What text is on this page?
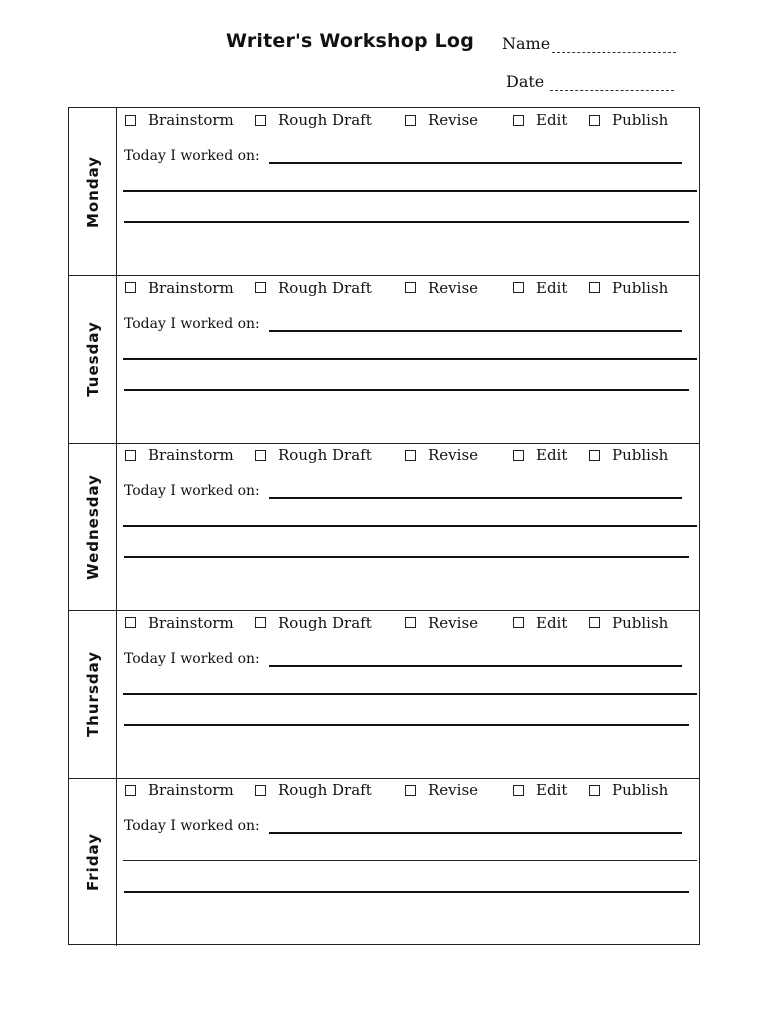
Writer's Workshop Log Name
Date
Monday
Brainstorm	Rough Draft	Revise	Edit	Publish
Today I worked on:
Tuesday
Brainstorm	Rough Draft	Revise	Edit	Publish
Today I worked on:
Wednesday
Brainstorm	Rough Draft	Revise	Edit	Publish
Today I worked on:
Thursday
Brainstorm	Rough Draft	Revise	Edit	Publish
Today I worked on:
Friday
Brainstorm	Rough Draft	Revise	Edit	Publish
Today I worked on:
